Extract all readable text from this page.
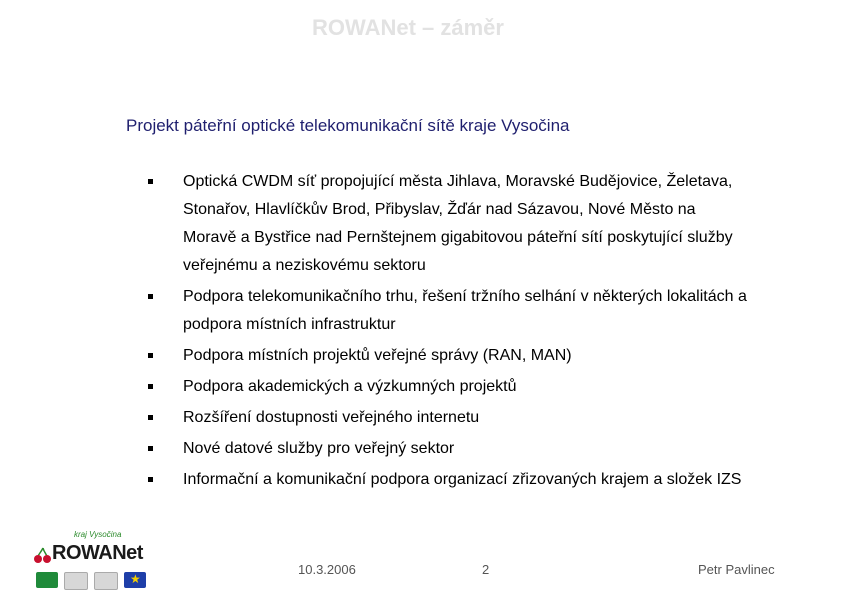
ROWANet – záměr
Projekt páteřní optické telekomunikační sítě kraje Vysočina
Optická CWDM síť propojující města Jihlava, Moravské Budějovice, Želetava, Stonařov, Hlavlíčkův Brod, Přibyslav, Žďár nad Sázavou, Nové Město na Moravě a Bystřice nad Pernštejnem gigabitovou páteřní sítí poskytující služby veřejnému a neziskovému sektoru
Podpora telekomunikačního trhu, řešení tržního selhání v některých lokalitách a podpora místních infrastruktur
Podpora místních projektů veřejné správy (RAN, MAN)
Podpora akademických a výzkumných projektů
Rozšíření dostupnosti veřejného internetu
Nové datové služby pro veřejný sektor
Informační a komunikační podpora organizací zřizovaných krajem a složek IZS
kraj Vysočina
ROWANet
★
10.3.2006	2	Petr Pavlinec
